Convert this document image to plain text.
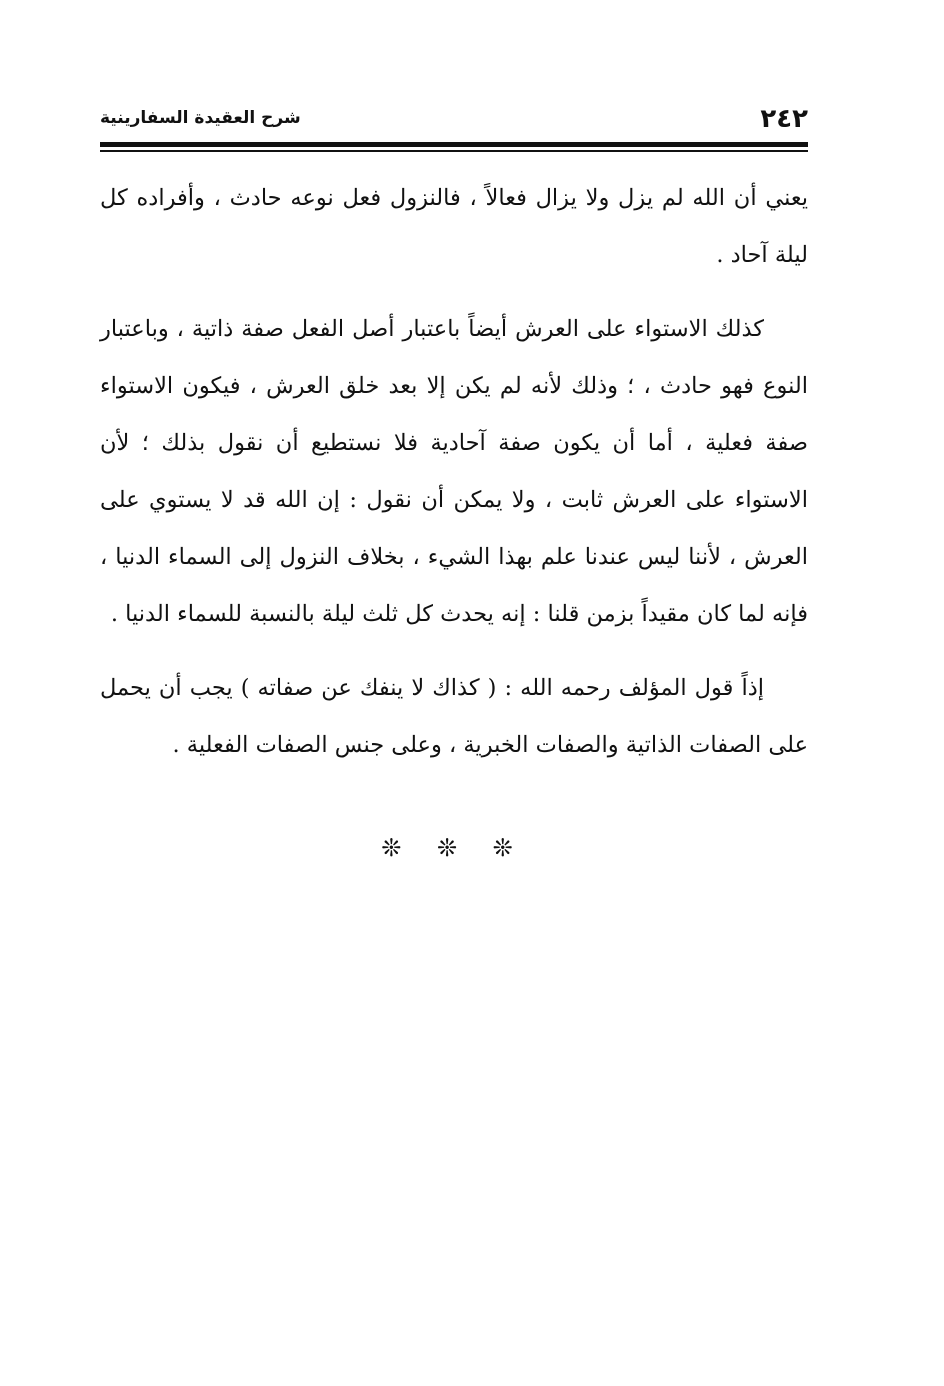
٢٤٢
شرح العقيدة السفارينية

يعني أن الله لم يزل ولا يزال فعالاً ، فالنزول فعل نوعه حادث ، وأفراده كل ليلة آحاد .

كذلك الاستواء على العرش أيضاً باعتبار أصل الفعل صفة ذاتية ، وباعتبار النوع فهو حادث ، ؛ وذلك لأنه لم يكن إلا بعد خلق العرش ، فيكون الاستواء صفة فعلية ، أما أن يكون صفة آحادية فلا نستطيع أن نقول بذلك ؛ لأن الاستواء على العرش ثابت ، ولا يمكن أن نقول : إن الله قد لا يستوي على العرش ، لأننا ليس عندنا علم بهذا الشيء ، بخلاف النزول إلى السماء الدنيا ، فإنه لما كان مقيداً بزمن قلنا : إنه يحدث كل ثلث ليلة بالنسبة للسماء الدنيا .

إذاً قول المؤلف رحمه الله : ( كذاك لا ينفك عن صفاته ) يجب أن يحمل على الصفات الذاتية والصفات الخبرية ، وعلى جنس الصفات الفعلية .

❊ ❊ ❊
